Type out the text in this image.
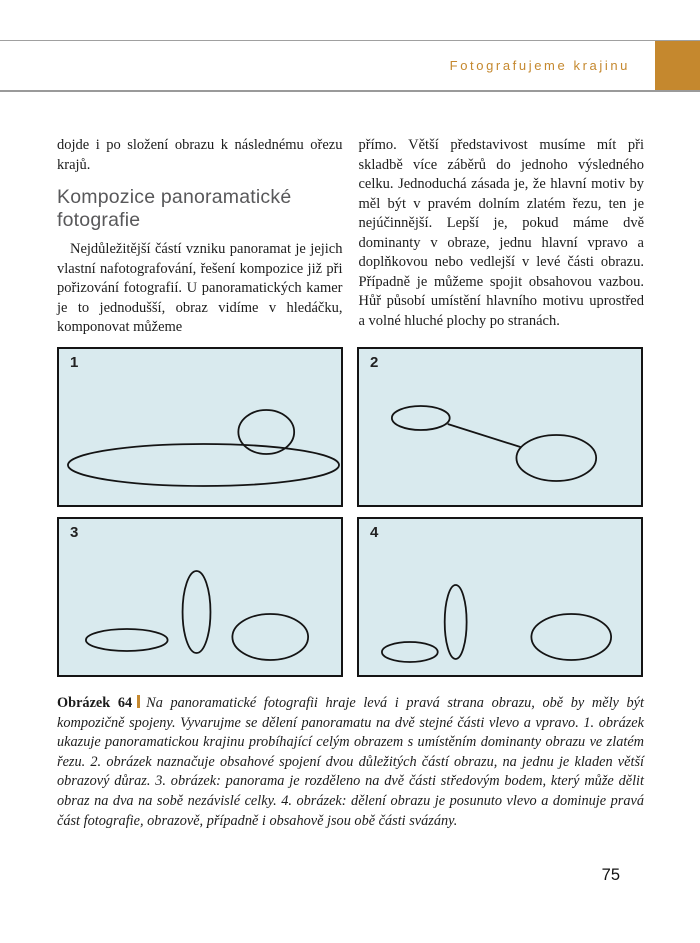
Fotografujeme krajinu

dojde i po složení obrazu k následnému ořezu krajů.

Kompozice panoramatické fotografie

Nejdůležitější částí vzniku panoramat je jejich vlastní nafotografování, řešení kompozice již při pořizování fotografií. U panoramatických kamer je to jednodušší, obraz vidíme v hledáčku, komponovat můžeme

přímo. Větší představivost musíme mít při skladbě více záběrů do jednoho výsledného celku. Jednoduchá zásada je, že hlavní motiv by měl být v pravém dolním zlatém řezu, ten je nejúčinnější. Lepší je, pokud máme dvě dominanty v obraze, jednu hlavní vpravo a doplňkovou nebo vedlejší v levé části obrazu. Případně je můžeme spojit obsahovou vazbou. Hůř působí umístění hlavního motivu uprostřed a volné hluché plochy po stranách.

1	2
3	4

Obrázek 64 Na panoramatické fotografii hraje levá i pravá strana obrazu, obě by měly být kompozičně spojeny. Vyvarujme se dělení panoramatu na dvě stejné části vlevo a vpravo. 1. obrázek ukazuje panoramatickou krajinu probíhající celým obrazem s umístěním dominanty obrazu ve zlatém řezu. 2. obrázek naznačuje obsahové spojení dvou důležitých částí obrazu, na jednu je kladen větší obrazový důraz. 3. obrázek: panorama je rozděleno na dvě části středovým bodem, který může dělit obraz na dva na sobě nezávislé celky. 4. obrázek: dělení obrazu je posunuto vlevo a dominuje pravá část fotografie, obrazově, případně i obsahově jsou obě části svázány.

75
